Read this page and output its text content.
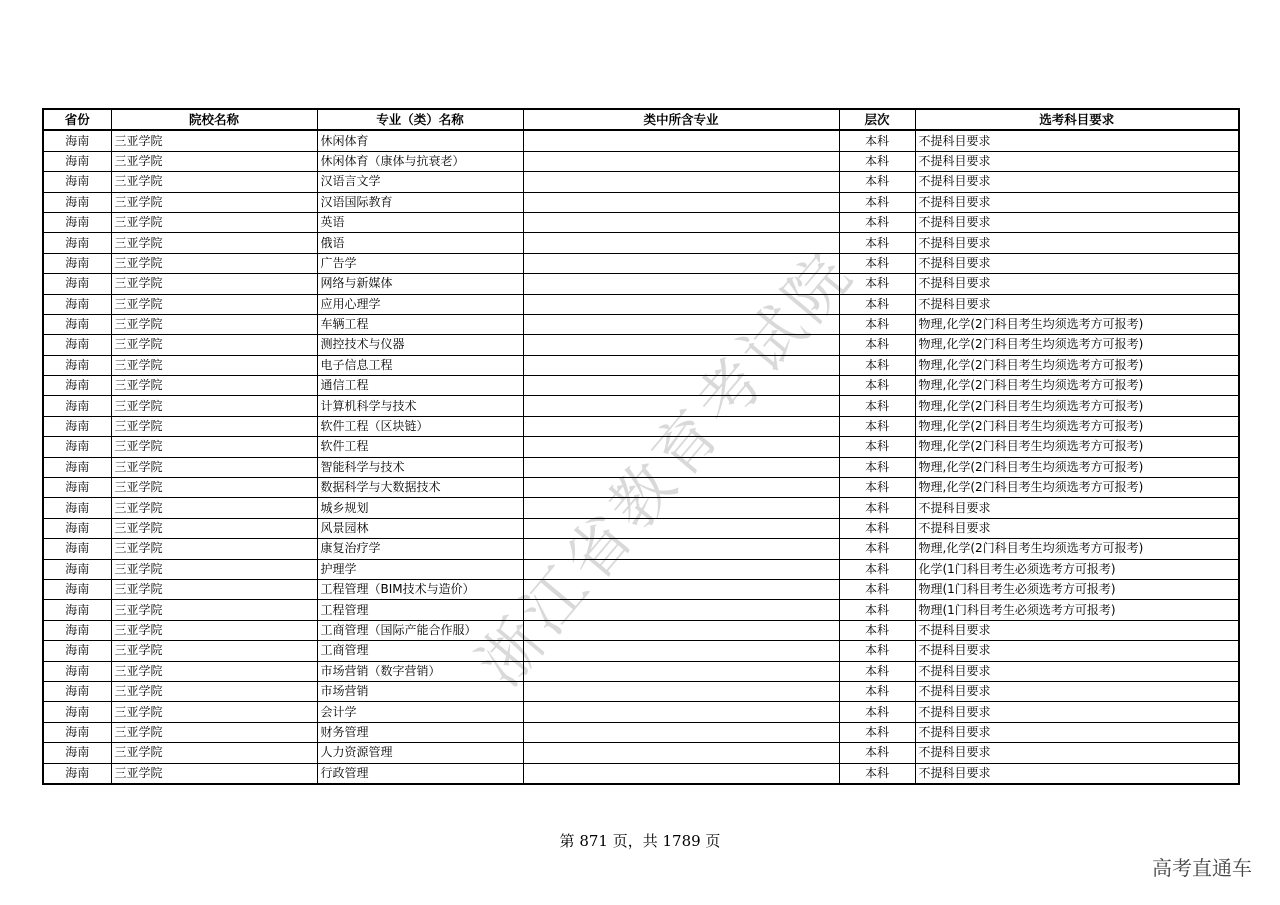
浙江省教育考试院
省份	院校名称	专业（类）名称	类中所含专业	层次	选考科目要求
海南	三亚学院	休闲体育		本科	不提科目要求
海南	三亚学院	休闲体育（康体与抗衰老）		本科	不提科目要求
海南	三亚学院	汉语言文学		本科	不提科目要求
海南	三亚学院	汉语国际教育		本科	不提科目要求
海南	三亚学院	英语		本科	不提科目要求
海南	三亚学院	俄语		本科	不提科目要求
海南	三亚学院	广告学		本科	不提科目要求
海南	三亚学院	网络与新媒体		本科	不提科目要求
海南	三亚学院	应用心理学		本科	不提科目要求
海南	三亚学院	车辆工程		本科	物理,化学(2门科目考生均须选考方可报考)
海南	三亚学院	测控技术与仪器		本科	物理,化学(2门科目考生均须选考方可报考)
海南	三亚学院	电子信息工程		本科	物理,化学(2门科目考生均须选考方可报考)
海南	三亚学院	通信工程		本科	物理,化学(2门科目考生均须选考方可报考)
海南	三亚学院	计算机科学与技术		本科	物理,化学(2门科目考生均须选考方可报考)
海南	三亚学院	软件工程（区块链）		本科	物理,化学(2门科目考生均须选考方可报考)
海南	三亚学院	软件工程		本科	物理,化学(2门科目考生均须选考方可报考)
海南	三亚学院	智能科学与技术		本科	物理,化学(2门科目考生均须选考方可报考)
海南	三亚学院	数据科学与大数据技术		本科	物理,化学(2门科目考生均须选考方可报考)
海南	三亚学院	城乡规划		本科	不提科目要求
海南	三亚学院	风景园林		本科	不提科目要求
海南	三亚学院	康复治疗学		本科	物理,化学(2门科目考生均须选考方可报考)
海南	三亚学院	护理学		本科	化学(1门科目考生必须选考方可报考)
海南	三亚学院	工程管理（BIM技术与造价）		本科	物理(1门科目考生必须选考方可报考)
海南	三亚学院	工程管理		本科	物理(1门科目考生必须选考方可报考)
海南	三亚学院	工商管理（国际产能合作服）		本科	不提科目要求
海南	三亚学院	工商管理		本科	不提科目要求
海南	三亚学院	市场营销（数字营销）		本科	不提科目要求
海南	三亚学院	市场营销		本科	不提科目要求
海南	三亚学院	会计学		本科	不提科目要求
海南	三亚学院	财务管理		本科	不提科目要求
海南	三亚学院	人力资源管理		本科	不提科目要求
海南	三亚学院	行政管理		本科	不提科目要求
第 871 页，共 1789 页
高考直通车
